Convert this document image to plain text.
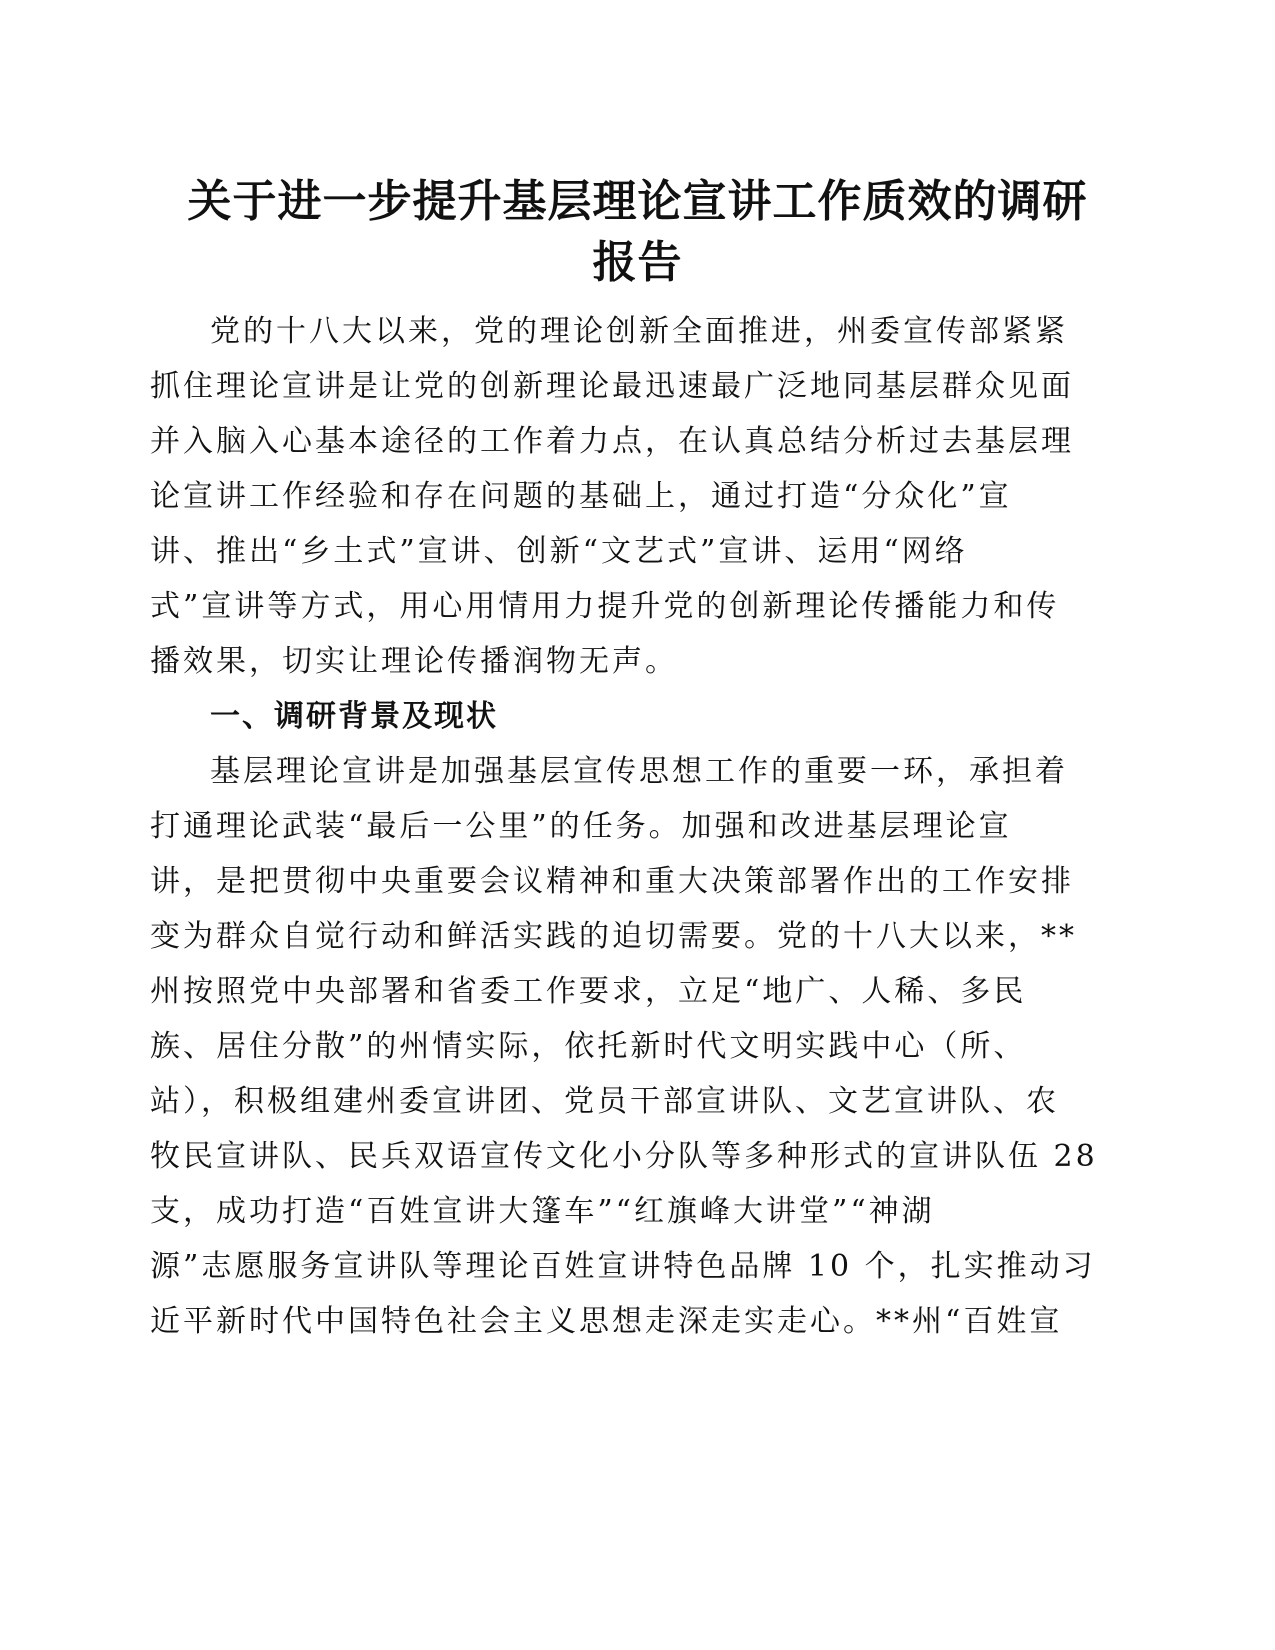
关于进一步提升基层理论宣讲工作质效的调研
报告
党的十八大以来，党的理论创新全面推进，州委宣传部紧紧
抓住理论宣讲是让党的创新理论最迅速最广泛地同基层群众见面
并入脑入心基本途径的工作着力点，在认真总结分析过去基层理
论宣讲工作经验和存在问题的基础上，通过打造“分众化”宣
讲、推出“乡土式”宣讲、创新“文艺式”宣讲、运用“网络
式”宣讲等方式，用心用情用力提升党的创新理论传播能力和传
播效果，切实让理论传播润物无声。
一、调研背景及现状
基层理论宣讲是加强基层宣传思想工作的重要一环，承担着
打通理论武装“最后一公里”的任务。加强和改进基层理论宣
讲，是把贯彻中央重要会议精神和重大决策部署作出的工作安排
变为群众自觉行动和鲜活实践的迫切需要。党的十八大以来，**
州按照党中央部署和省委工作要求，立足“地广、人稀、多民
族、居住分散”的州情实际，依托新时代文明实践中心（所、
站），积极组建州委宣讲团、党员干部宣讲队、文艺宣讲队、农
牧民宣讲队、民兵双语宣传文化小分队等多种形式的宣讲队伍 28
支，成功打造“百姓宣讲大篷车”“红旗峰大讲堂”“神湖
源”志愿服务宣讲队等理论百姓宣讲特色品牌 10 个，扎实推动习
近平新时代中国特色社会主义思想走深走实走心。**州“百姓宣
